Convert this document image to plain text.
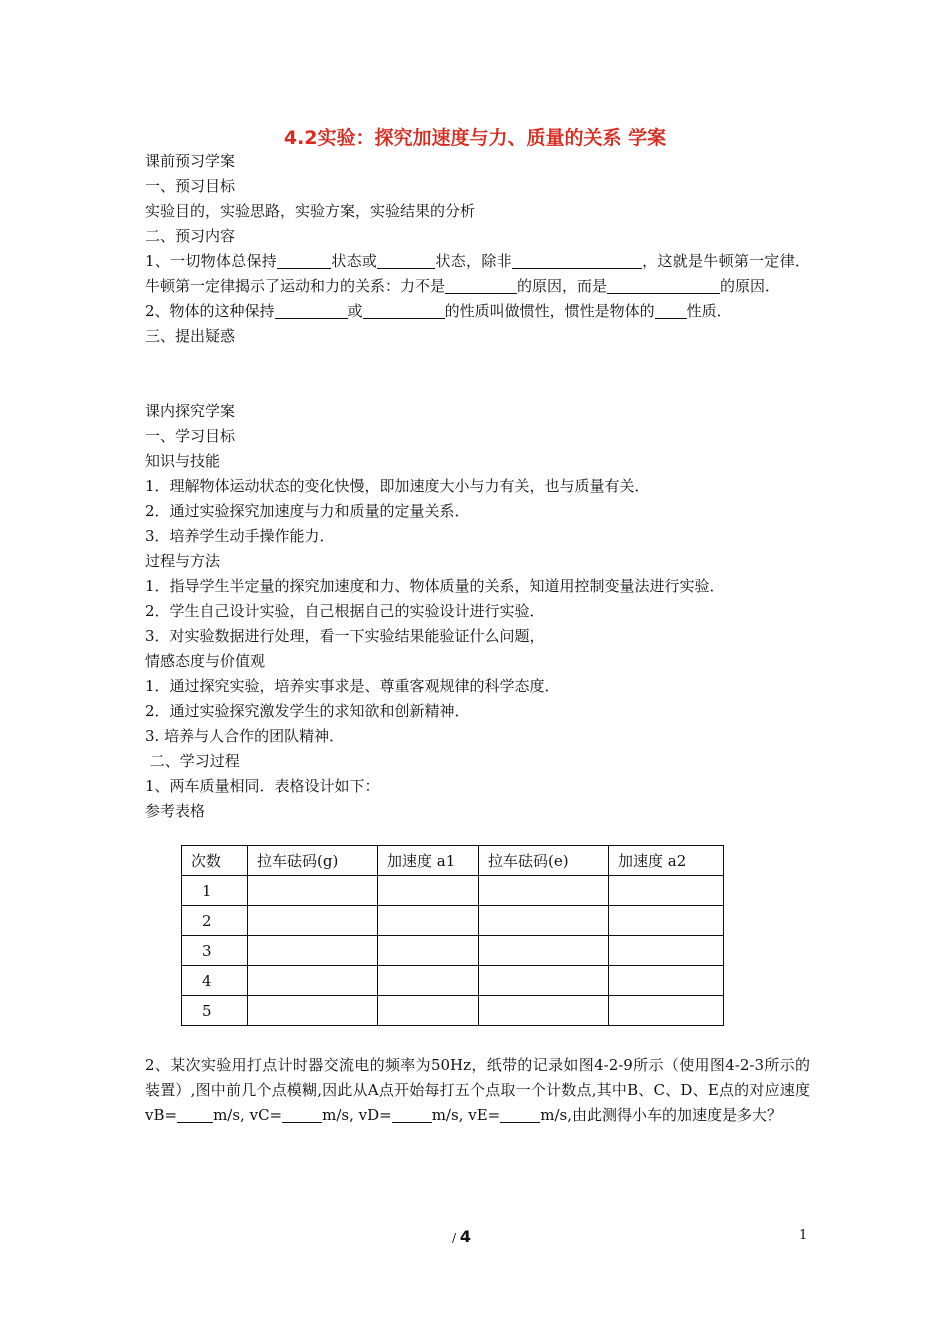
4.2实验：探究加速度与力、质量的关系 学案
课前预习学案
一、预习目标
实验目的，实验思路，实验方案，实验结果的分析
二、预习内容
1、一切物体总保持	状态或	状态，除非	，这就是牛顿第一定律．牛顿第一定律揭示了运动和力的关系：力不是	的原因，而是	的原因．
2、物体的这种保持	或	的性质叫做惯性，惯性是物体的 性质．
三、提出疑惑
课内探究学案
一、学习目标
知识与技能
1．理解物体运动状态的变化快慢，即加速度大小与力有关，也与质量有关．
2．通过实验探究加速度与力和质量的定量关系．
3．培养学生动手操作能力．
过程与方法
1．指导学生半定量的探究加速度和力、物体质量的关系，知道用控制变量法进行实验．
2．学生自己设计实验，自己根据自己的实验设计进行实验．
3．对实验数据进行处理，看一下实验结果能验证什么问题，
情感态度与价值观
1．通过探究实验，培养实事求是、尊重客观规律的科学态度．
2．通过实验探究激发学生的求知欲和创新精神．
3. 培养与人合作的团队精神．
二、学习过程
1、两车质量相同．表格设计如下：
参考表格
次数	拉车砝码(g)	加速度 a1	拉车砝码(e)	加速度 a2
1				
2				
3				
4				
5				
2、某次实验用打点计时器交流电的频率为50Hz，纸带的记录如图4-2-9所示（使用图4-2-3所示的装置）,图中前几个点模糊,因此从A点开始每打五个点取一个计数点,其中B、C、D、E点的对应速度 vB= m/s, vC=	m/s, vD=	m/s, vE=	m/s,由此测得小车的加速度是多大？
/ 4	1
